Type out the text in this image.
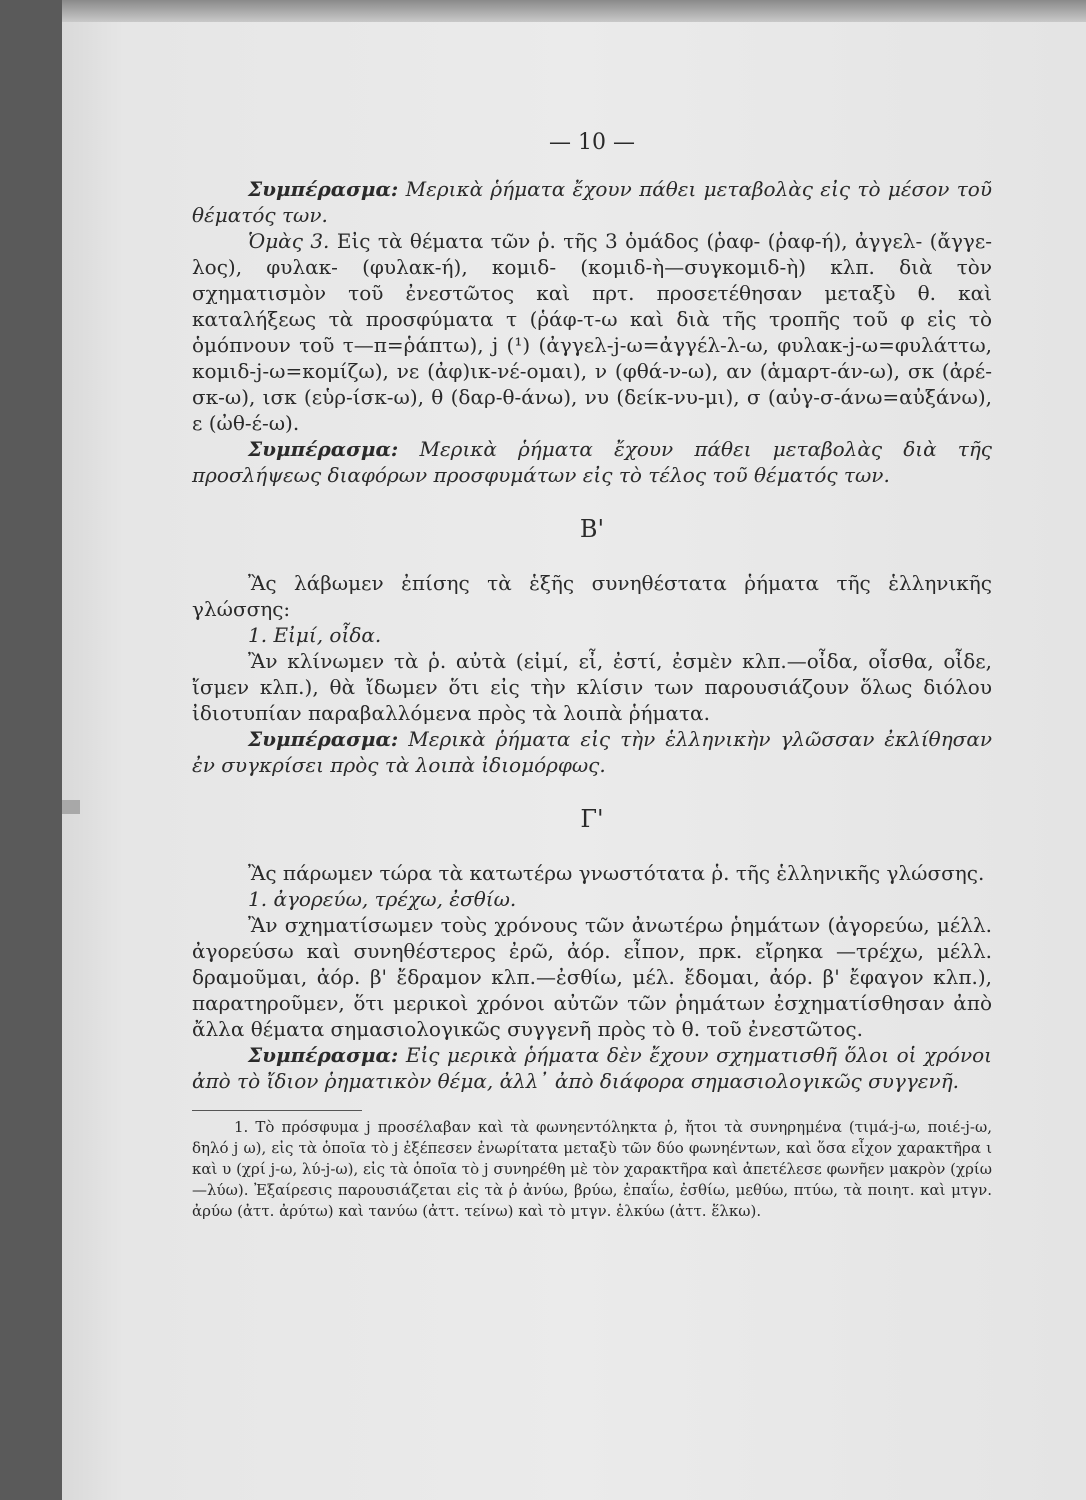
— 10 —

Συμπέρασμα: Μερικὰ ῥήματα ἔχουν πάθει μεταβολὰς εἰς τὸ μέσον τοῦ θέματός των.

Ὁμὰς 3. Εἰς τὰ θέματα τῶν ῥ. τῆς 3 ὁμάδος (ῥαφ- (ῥαφ-ή), ἀγγελ- (ἄγγε-λος), φυλακ- (φυλακ-ή), κομιδ- (κομιδ-ὴ—συγκομιδ-ὴ) κλπ. διὰ τὸν σχηματισμὸν τοῦ ἐνεστῶτος καὶ πρτ. προσετέθησαν μεταξὺ θ. καὶ καταλήξεως τὰ προσφύματα τ (ῥάφ-τ-ω καὶ διὰ τῆς τροπῆς τοῦ φ εἰς τὸ ὁμόπνουν τοῦ τ—π=ῥάπτω), j (¹) (ἀγγελ-j-ω=ἀγγέλ-λ-ω, φυλακ-j-ω=φυλάττω, κομιδ-j-ω=κομίζω), νε (ἀφ)ικ-νέ-ομαι), ν (φθά-ν-ω), αν (ἁμαρτ-άν-ω), σκ (ἀρέ-σκ-ω), ισκ (εὑρ-ίσκ-ω), θ (δαρ-θ-άνω), νυ (δείκ-νυ-μι), σ (αὐγ-σ-άνω=αὐξάνω), ε (ὠθ-έ-ω).

Συμπέρασμα: Μερικὰ ῥήματα ἔχουν πάθει μεταβολὰς διὰ τῆς προσλήψεως διαφόρων προσφυμάτων εἰς τὸ τέλος τοῦ θέματός των.

Β'

Ἂς λάβωμεν ἐπίσης τὰ ἑξῆς συνηθέστατα ῥήματα τῆς ἑλληνικῆς γλώσσης:

1. Εἰμί, οἶδα.

Ἂν κλίνωμεν τὰ ῥ. αὐτὰ (εἰμί, εἶ, ἐστί, ἐσμὲν κλπ.—οἶδα, οἶσθα, οἶδε, ἴσμεν κλπ.), θὰ ἴδωμεν ὅτι εἰς τὴν κλίσιν των παρουσιάζουν ὅλως διόλου ἰδιοτυπίαν παραβαλλόμενα πρὸς τὰ λοιπὰ ῥήματα.

Συμπέρασμα: Μερικὰ ῥήματα εἰς τὴν ἑλληνικὴν γλῶσσαν ἐκλίθησαν ἐν συγκρίσει πρὸς τὰ λοιπὰ ἰδιομόρφως.

Γ'

Ἂς πάρωμεν τώρα τὰ κατωτέρω γνωστότατα ῥ. τῆς ἑλληνικῆς γλώσσης.

1. ἀγορεύω, τρέχω, ἐσθίω.

Ἂν σχηματίσωμεν τοὺς χρόνους τῶν ἀνωτέρω ῥημάτων (ἀγορεύω, μέλλ. ἀγορεύσω καὶ συνηθέστερος ἐρῶ, ἀόρ. εἶπον, πρκ. εἴρηκα —τρέχω, μέλλ. δραμοῦμαι, ἀόρ. β' ἔδραμον κλπ.—ἐσθίω, μέλ. ἔδομαι, ἀόρ. β' ἔφαγον κλπ.), παρατηροῦμεν, ὅτι μερικοὶ χρόνοι αὐτῶν τῶν ῥημάτων ἐσχηματίσθησαν ἀπὸ ἄλλα θέματα σημασιολογικῶς συγγενῆ πρὸς τὸ θ. τοῦ ἐνεστῶτος.

Συμπέρασμα: Εἰς μερικὰ ῥήματα δὲν ἔχουν σχηματισθῆ ὅλοι οἱ χρόνοι ἀπὸ τὸ ἴδιον ῥηματικὸν θέμα, ἀλλ᾽ ἀπὸ διάφορα σημασιολογικῶς συγγενῆ.

1. Τὸ πρόσφυμα j προσέλαβαν καὶ τὰ φωνηεντόληκτα ῥ, ἤτοι τὰ συνηρημένα (τιμά-j-ω, ποιέ-j-ω, δηλό j ω), εἰς τὰ ὁποῖα τὸ j ἐξέπεσεν ἐνωρίτατα μεταξὺ τῶν δύο φωνηέντων, καὶ ὅσα εἶχον χαρακτῆρα ι καὶ υ (χρί j-ω, λύ-j-ω), εἰς τὰ ὁποῖα τὸ j συνηρέθη μὲ τὸν χαρακτῆρα καὶ ἀπετέλεσε φωνῆεν μακρὸν (χρίω—λύω). Ἐξαίρεσις παρουσιάζεται εἰς τὰ ῥ ἀνύω, βρύω, ἐπαΐω, ἐσθίω, μεθύω, πτύω, τὰ ποιητ. καὶ μτγν. ἀρύω (ἀττ. ἀρύτω) καὶ τανύω (ἀττ. τείνω) καὶ τὸ μτγν. ἑλκύω (ἀττ. ἕλκω).
